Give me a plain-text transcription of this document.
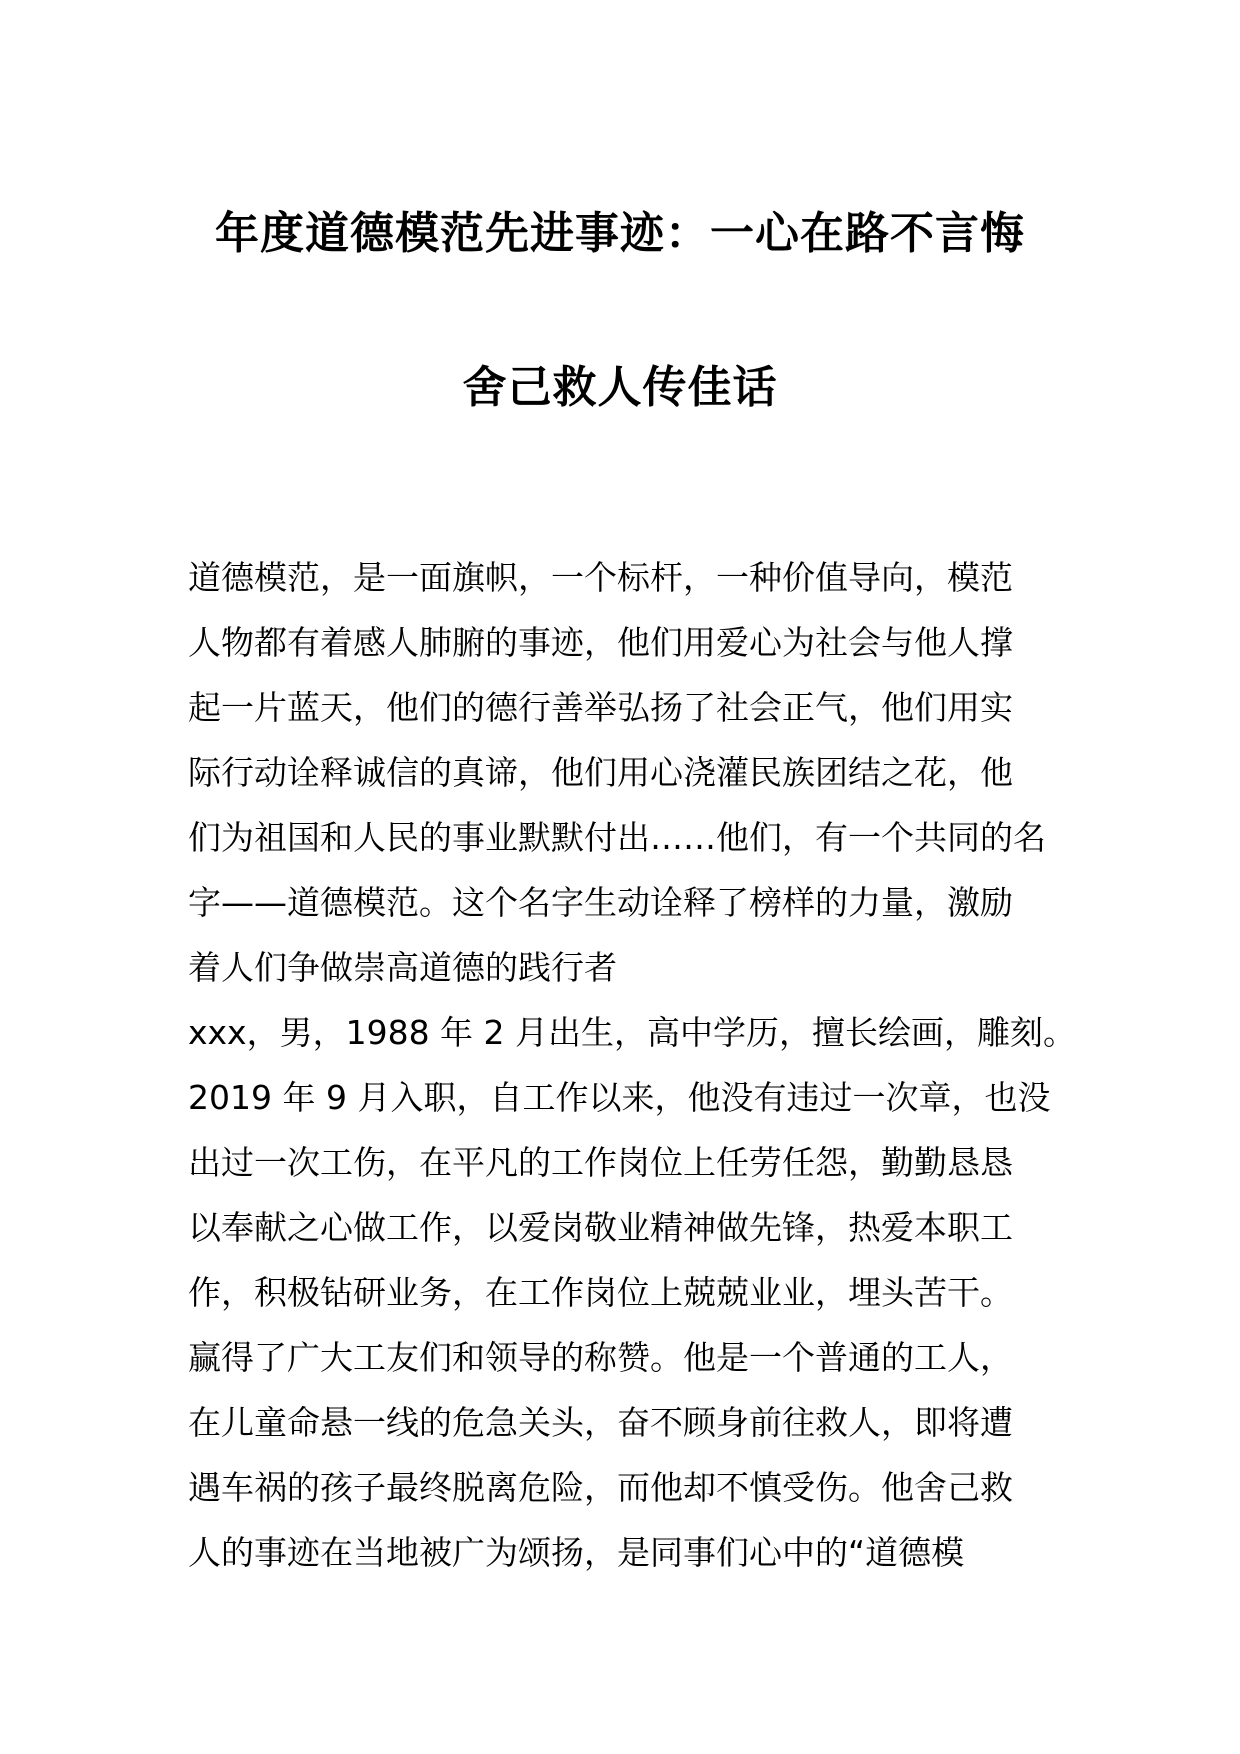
年度道德模范先进事迹：一心在路不言悔
舍己救人传佳话
道德模范，是一面旗帜，一个标杆，一种价值导向，模范
人物都有着感人肺腑的事迹，他们用爱心为社会与他人撑
起一片蓝天，他们的德行善举弘扬了社会正气，他们用实
际行动诠释诚信的真谛，他们用心浇灌民族团结之花，他
们为祖国和人民的事业默默付出……他们，有一个共同的名
字——道德模范。这个名字生动诠释了榜样的力量，激励
着人们争做崇高道德的践行者
xxx，男，1988 年 2 月出生，高中学历，擅长绘画，雕刻。
2019 年 9 月入职，自工作以来，他没有违过一次章，也没
出过一次工伤，在平凡的工作岗位上任劳任怨，勤勤恳恳
以奉献之心做工作，以爱岗敬业精神做先锋，热爱本职工
作，积极钻研业务，在工作岗位上兢兢业业，埋头苦干。
赢得了广大工友们和领导的称赞。他是一个普通的工人，
在儿童命悬一线的危急关头，奋不顾身前往救人，即将遭
遇车祸的孩子最终脱离危险，而他却不慎受伤。他舍己救
人的事迹在当地被广为颂扬，是同事们心中的“道德模
